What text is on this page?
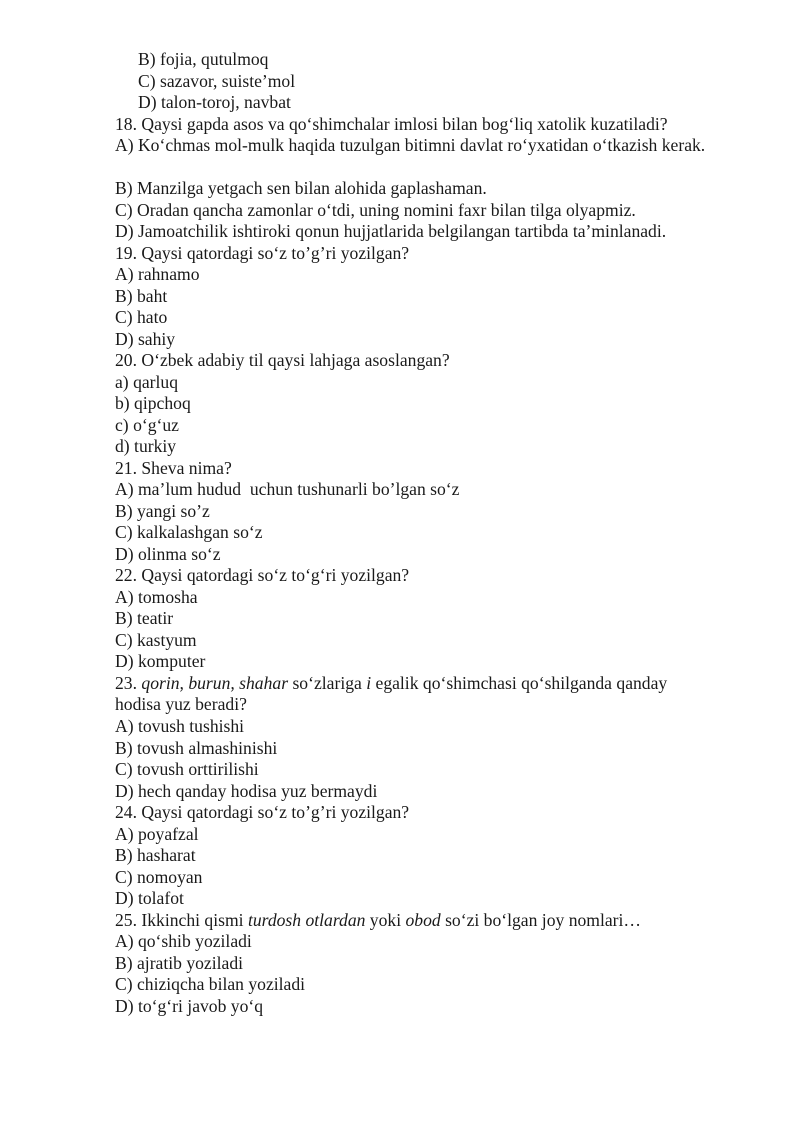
B) fojia, qutulmoq
C) sazavor, suiste’mol
D) talon-toroj, navbat
18. Qaysi gapda asos va qo‘shimchalar imlosi bilan bog‘liq xatolik kuzatiladi?
A) Ko‘chmas mol-mulk haqida tuzulgan bitimni davlat ro‘yxatidan o‘tkazish kerak.
B) Manzilga yetgach sen bilan alohida gaplashaman.
C) Oradan qancha zamonlar o‘tdi, uning nomini faxr bilan tilga olyapmiz.
D) Jamoatchilik ishtiroki qonun hujjatlarida belgilangan tartibda ta’minlanadi.
19. Qaysi qatordagi so‘z to’g’ri yozilgan?
A) rahnamo
B) baht
C) hato
D) sahiy
20. O‘zbek adabiy til qaysi lahjaga asoslangan?
a) qarluq
b) qipchoq
c) o‘g‘uz
d) turkiy
21. Sheva nima?
A) ma’lum hudud  uchun tushunarli bo’lgan so‘z
B) yangi so’z
C) kalkalashgan so‘z
D) olinma so‘z
22. Qaysi qatordagi so‘z to‘g‘ri yozilgan?
A) tomosha
B) teatir
C) kastyum
D) komputer
23. qorin, burun, shahar so‘zlariga i egalik qo‘shimchasi qo‘shilganda qanday hodisa yuz beradi?
A) tovush tushishi
B) tovush almashinishi
C) tovush orttirilishi
D) hech qanday hodisa yuz bermaydi
24. Qaysi qatordagi so‘z to’g’ri yozilgan?
A) poyafzal
B) hasharat
C) nomoyan
D) tolafot
25. Ikkinchi qismi turdosh otlardan yoki obod so‘zi bo‘lgan joy nomlari…
A) qo‘shib yoziladi
B) ajratib yoziladi
C) chiziqcha bilan yoziladi
D) to‘g‘ri javob yo‘q
